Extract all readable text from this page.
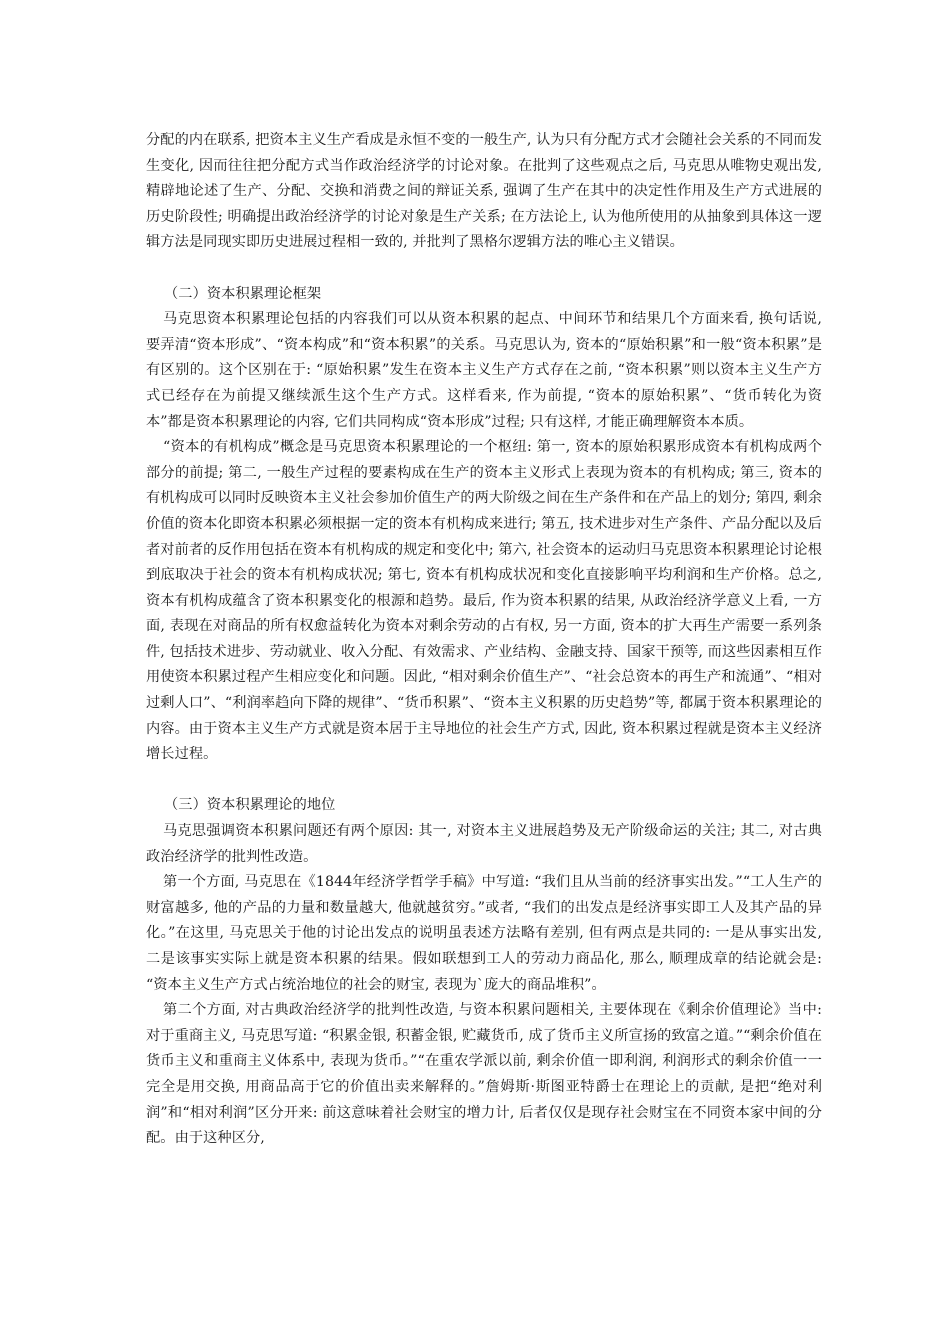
分配的内在联系, 把资本主义生产看成是永恒不变的一般生产, 认为只有分配方式才会随社会关系的不同而发生变化, 因而往往把分配方式当作政治经济学的讨论对象。在批判了这些观点之后, 马克思从唯物史观出发, 精辟地论述了生产、分配、交换和消费之间的辩证关系, 强调了生产在其中的决定性作用及生产方式进展的历史阶段性; 明确提出政治经济学的讨论对象是生产关系; 在方法论上, 认为他所使用的从抽象到具体这一逻辑方法是同现实即历史进展过程相一致的, 并批判了黑格尔逻辑方法的唯心主义错误。

（二）资本积累理论框架

马克思资本积累理论包括的内容我们可以从资本积累的起点、中间环节和结果几个方面来看, 换句话说, 要弄清“资本形成”、“资本构成”和“资本积累”的关系。马克思认为, 资本的“原始积累”和一般“资本积累”是有区别的。这个区别在于: “原始积累”发生在资本主义生产方式存在之前, “资本积累”则以资本主义生产方式已经存在为前提又继续派生这个生产方式。这样看来, 作为前提, “资本的原始积累”、“货币转化为资本”都是资本积累理论的内容, 它们共同构成“资本形成”过程; 只有这样, 才能正确理解资本本质。

“资本的有机构成”概念是马克思资本积累理论的一个枢纽: 第一, 资本的原始积累形成资本有机构成两个部分的前提; 第二, 一般生产过程的要素构成在生产的资本主义形式上表现为资本的有机构成; 第三, 资本的有机构成可以同时反映资本主义社会参加价值生产的两大阶级之间在生产条件和在产品上的划分; 第四, 剩余价值的资本化即资本积累必须根据一定的资本有机构成来进行; 第五, 技术进步对生产条件、产品分配以及后者对前者的反作用包括在资本有机构成的规定和变化中; 第六, 社会资本的运动归马克思资本积累理论讨论根到底取决于社会的资本有机构成状况; 第七, 资本有机构成状况和变化直接影响平均利润和生产价格。总之, 资本有机构成蕴含了资本积累变化的根源和趋势。最后, 作为资本积累的结果, 从政治经济学意义上看, 一方面, 表现在对商品的所有权愈益转化为资本对剩余劳动的占有权, 另一方面, 资本的扩大再生产需要一系列条件, 包括技术进步、劳动就业、收入分配、有效需求、产业结构、金融支持、国家干预等, 而这些因素相互作用使资本积累过程产生相应变化和问题。因此, “相对剩余价值生产”、“社会总资本的再生产和流通”、“相对过剩人口”、“利润率趋向下降的规律”、“货币积累”、“资本主义积累的历史趋势”等, 都属于资本积累理论的内容。由于资本主义生产方式就是资本居于主导地位的社会生产方式, 因此, 资本积累过程就是资本主义经济增长过程。

（三）资本积累理论的地位

马克思强调资本积累问题还有两个原因: 其一, 对资本主义进展趋势及无产阶级命运的关注; 其二, 对古典政治经济学的批判性改造。

第一个方面, 马克思在《1844年经济学哲学手稿》中写道: “我们且从当前的经济事实出发。”“工人生产的财富越多, 他的产品的力量和数量越大, 他就越贫穷。”或者, “我们的出发点是经济事实即工人及其产品的异化。”在这里, 马克思关于他的讨论出发点的说明虽表述方法略有差别, 但有两点是共同的: 一是从事实出发, 二是该事实实际上就是资本积累的结果。假如联想到工人的劳动力商品化, 那么, 顺理成章的结论就会是: “资本主义生产方式占统治地位的社会的财宝, 表现为`庞大的商品堆积”。

第二个方面, 对古典政治经济学的批判性改造, 与资本积累问题相关, 主要体现在《剩余价值理论》当中: 对于重商主义, 马克思写道: “积累金银, 积蓄金银, 贮藏货币, 成了货币主义所宣扬的致富之道。”“剩余价值在货币主义和重商主义体系中, 表现为货币。”“在重农学派以前, 剩余价值一即利润, 利润形式的剩余价值一一完全是用交换, 用商品高于它的价值出卖来解释的。”詹姆斯·斯图亚特爵士在理论上的贡献, 是把“绝对利润”和“相对利润”区分开来: 前这意味着社会财宝的增力计, 后者仅仅是现存社会财宝在不同资本家中间的分配。由于这种区分,
